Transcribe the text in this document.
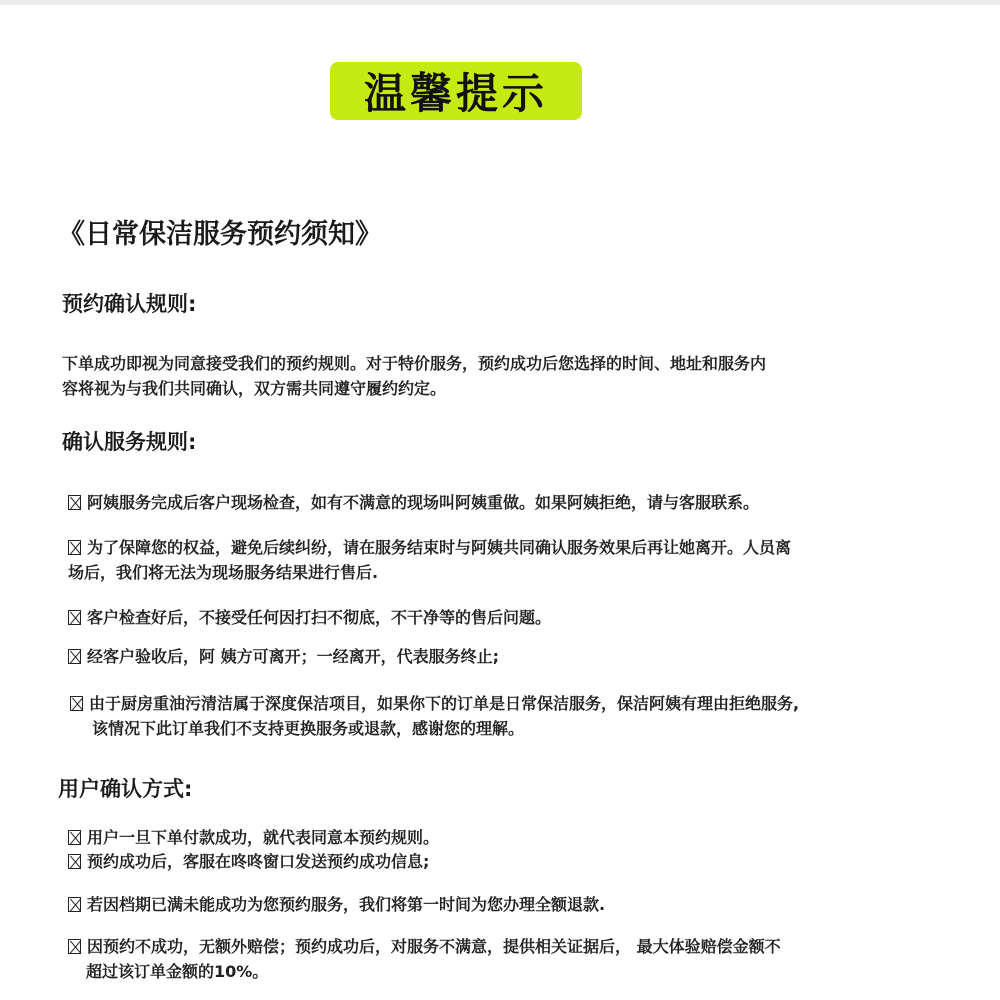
温馨提示
《日常保洁服务预约须知》
预约确认规则:
下单成功即视为同意接受我们的预约规则。对于特价服务，预约成功后您选择的时间、地址和服务内
容将视为与我们共同确认，双方需共同遵守履约约定。
确认服务规则:
阿姨服务完成后客户现场检查，如有不满意的现场叫阿姨重做。如果阿姨拒绝，请与客服联系。
为了保障您的权益，避免后续纠纷，请在服务结束时与阿姨共同确认服务效果后再让她离开。人员离
场后，我们将无法为现场服务结果进行售后.
客户检查好后，不接受任何因打扫不彻底，不干净等的售后问题。
经客户验收后，阿 姨方可离开；一经离开，代表服务终止;
由于厨房重油污清洁属于深度保洁项目，如果你下的订单是日常保洁服务，保洁阿姨有理由拒绝服务,
该情况下此订单我们不支持更换服务或退款，感谢您的理解。
用户确认方式:
用户一旦下单付款成功，就代表同意本预约规则。
预约成功后，客服在咚咚窗口发送预约成功信息;
若因档期已满未能成功为您预约服务，我们将第一时间为您办理全额退款.
因预约不成功，无额外赔偿；预约成功后，对服务不满意，提供相关证据后， 最大体验赔偿金额不
超过该订单金额的10%。
